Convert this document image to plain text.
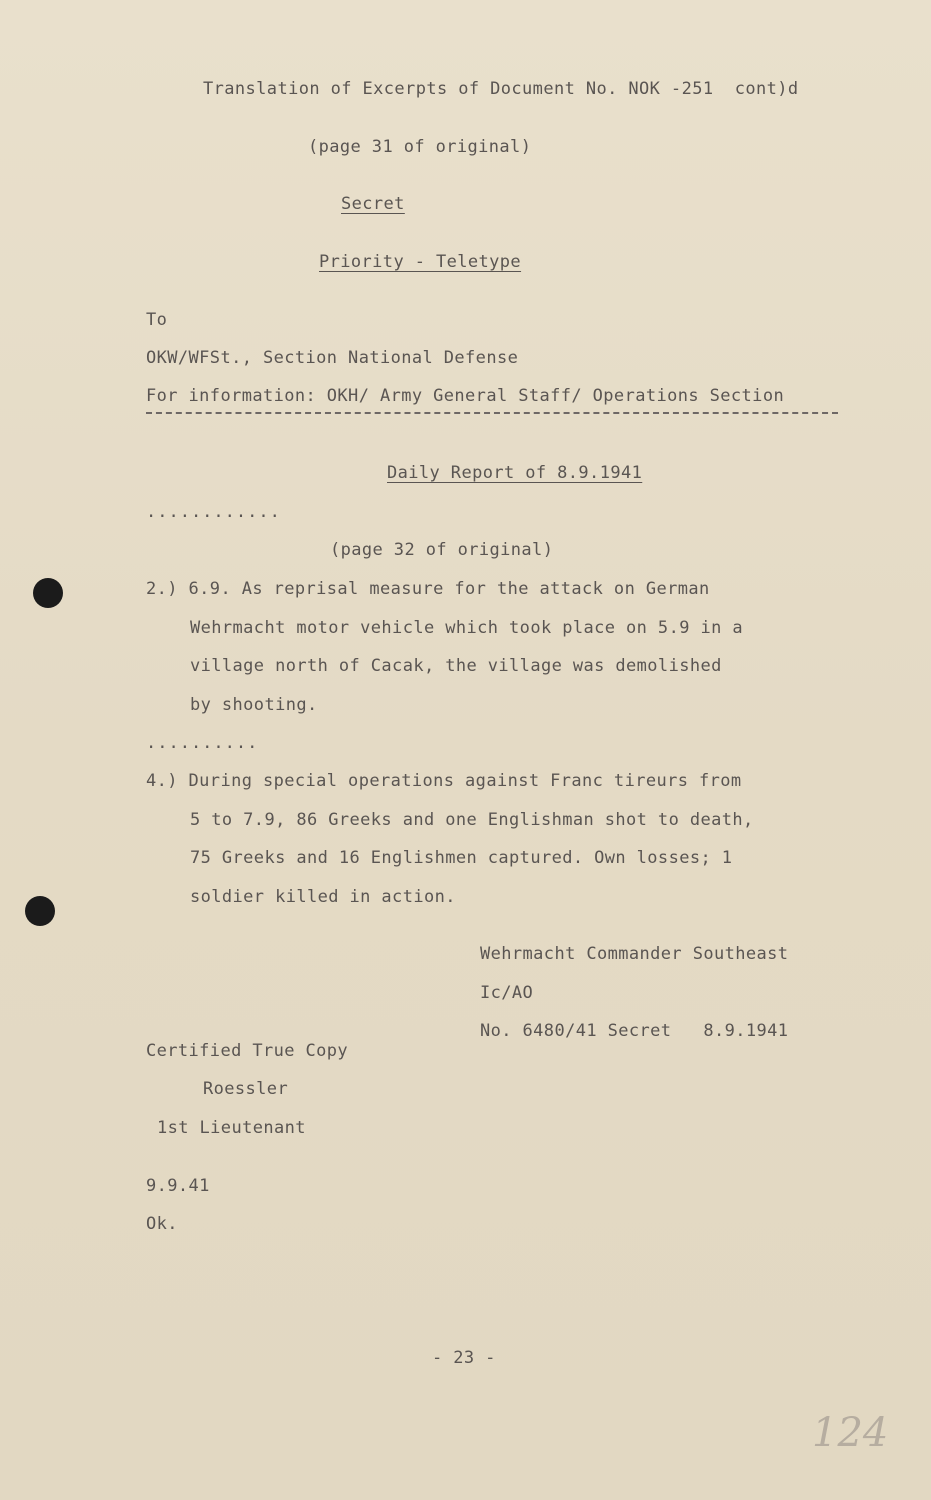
Translation of Excerpts of Document No. NOK -251  cont)d
(page 31 of original)
Secret
Priority - Teletype
To
OKW/WFSt., Section National Defense
For information: OKH/ Army General Staff/ Operations Section
Daily Report of 8.9.1941
............
(page 32 of original)
2.) 6.9. As reprisal measure for the attack on German
Wehrmacht motor vehicle which took place on 5.9 in a
village north of Cacak, the village was demolished
by shooting.
..........
4.) During special operations against Franc tireurs from
5 to 7.9, 86 Greeks and one Englishman shot to death,
75 Greeks and 16 Englishmen captured. Own losses; 1
soldier killed in action.
Wehrmacht Commander Southeast
Ic/AO
No. 6480/41 Secret   8.9.1941
Certified True Copy
Roessler
1st Lieutenant
9.9.41
Ok.
- 23 -
124
